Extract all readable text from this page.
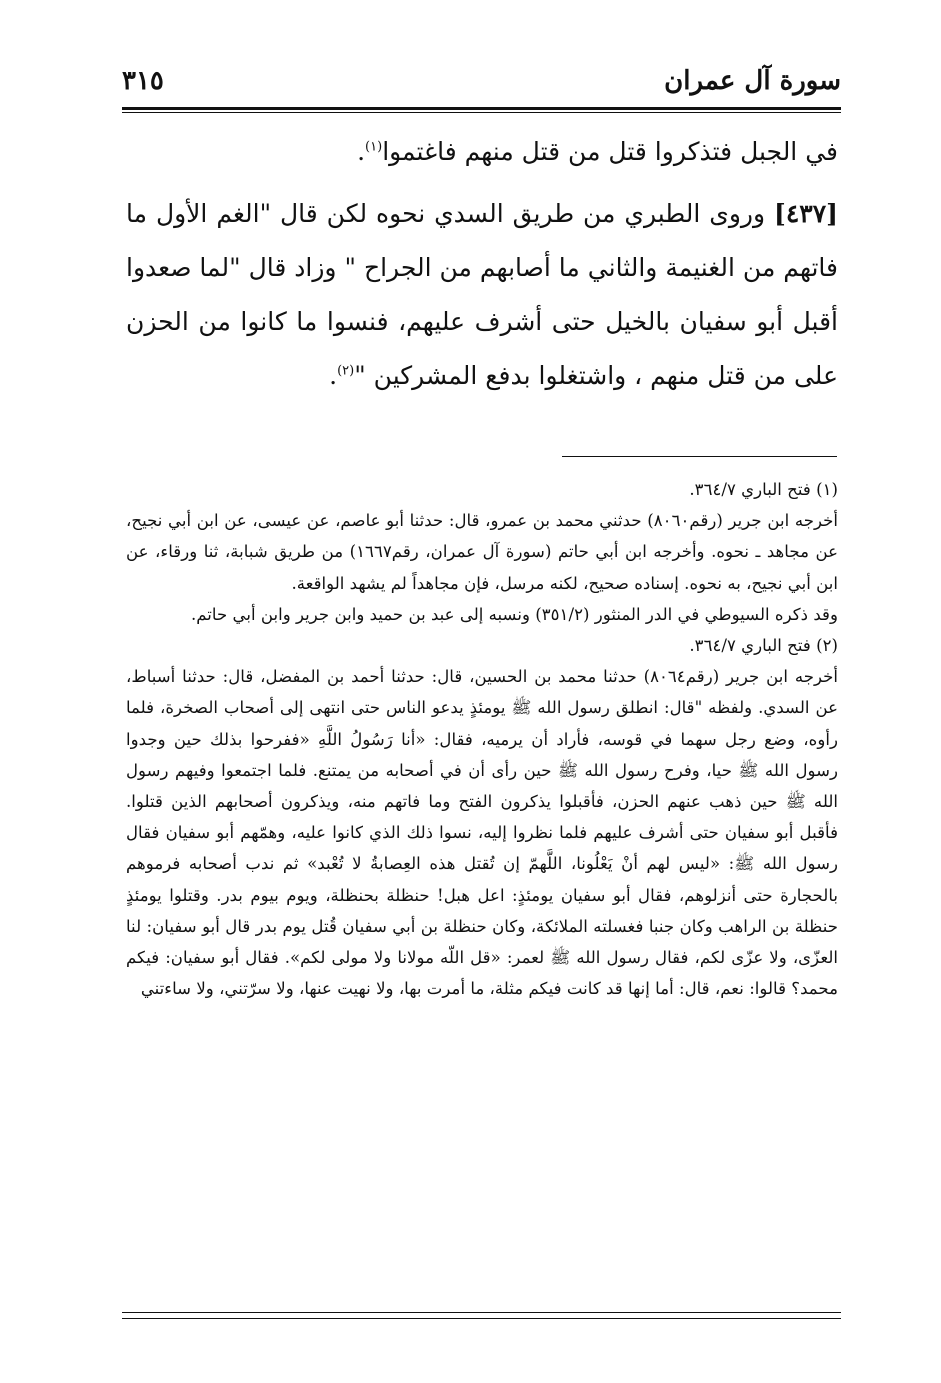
سورة آل عمران
٣١٥

في الجبل فتذكروا قتل من قتل منهم فاغتموا$^{(١)}$.

[٤٣٧] وروى الطبري من طريق السدي نحوه لكن قال "الغم الأول ما فاتهم من الغنيمة والثاني ما أصابهم من الجراح " وزاد قال "لما صعدوا أقبل أبو سفيان بالخيل حتى أشرف عليهم، فنسوا ما كانوا من الحزن على من قتل منهم ، واشتغلوا بدفع المشركين "$^{(٢)}$.

(١) فتح الباري ٣٦٤/٧.

أخرجه ابن جرير (رقم٨٠٦٠) حدثني محمد بن عمرو، قال: حدثنا أبو عاصم، عن عيسى، عن ابن أبي نجيح، عن مجاهد ـ نحوه. وأخرجه ابن أبي حاتم (سورة آل عمران، رقم١٦٦٧) من طريق شبابة، ثنا ورقاء، عن ابن أبي نجيح، به نحوه. إسناده صحيح، لكنه مرسل، فإن مجاهداً لم يشهد الواقعة.

وقد ذكره السيوطي في الدر المنثور (٣٥١/٢) ونسبه إلى عبد بن حميد وابن جرير وابن أبي حاتم.

(٢) فتح الباري ٣٦٤/٧.

أخرجه ابن جرير (رقم٨٠٦٤) حدثنا محمد بن الحسين، قال: حدثنا أحمد بن المفضل، قال: حدثنا أسباط، عن السدي. ولفظه "قال: انطلق رسول الله ﷺ يومئذٍ يدعو الناس حتى انتهى إلى أصحاب الصخرة، فلما رأوه، وضع رجل سهما في قوسه، فأراد أن يرميه، فقال: «أنا رَسُولُ اللَّهِ «ففرحوا بذلك حين وجدوا رسول الله ﷺ حيا، وفرح رسول الله ﷺ حين رأى أن في أصحابه من يمتنع. فلما اجتمعوا وفيهم رسول الله ﷺ حين ذهب عنهم الحزن، فأقبلوا يذكرون الفتح وما فاتهم منه، ويذكرون أصحابهم الذين قتلوا. فأقبل أبو سفيان حتى أشرف عليهم فلما نظروا إليه، نسوا ذلك الذي كانوا عليه، وهمّهم أبو سفيان فقال رسول الله ﷺ: «ليس لهم أنْ يَعْلُونا، اللَّهمّ إن تُقتل هذه العِصابةُ لا تُعْبد» ثم ندب أصحابه فرموهم بالحجارة حتى أنزلوهم، فقال أبو سفيان يومئذٍ: اعل هبل! حنظلة بحنظلة، ويوم بيوم بدر. وقتلوا يومئذٍ حنظلة بن الراهب وكان جنبا فغسلته الملائكة، وكان حنظلة بن أبي سفيان قُتل يوم بدر قال أبو سفيان: لنا العزّى، ولا عزّى لكم، فقال رسول الله ﷺ لعمر: «قل اللّه مولانا ولا مولى لكم». فقال أبو سفيان: فيكم محمد؟ قالوا: نعم، قال: أما إنها قد كانت فيكم مثلة، ما أمرت بها، ولا نهيت عنها، ولا سرّتني، ولا ساءتني
